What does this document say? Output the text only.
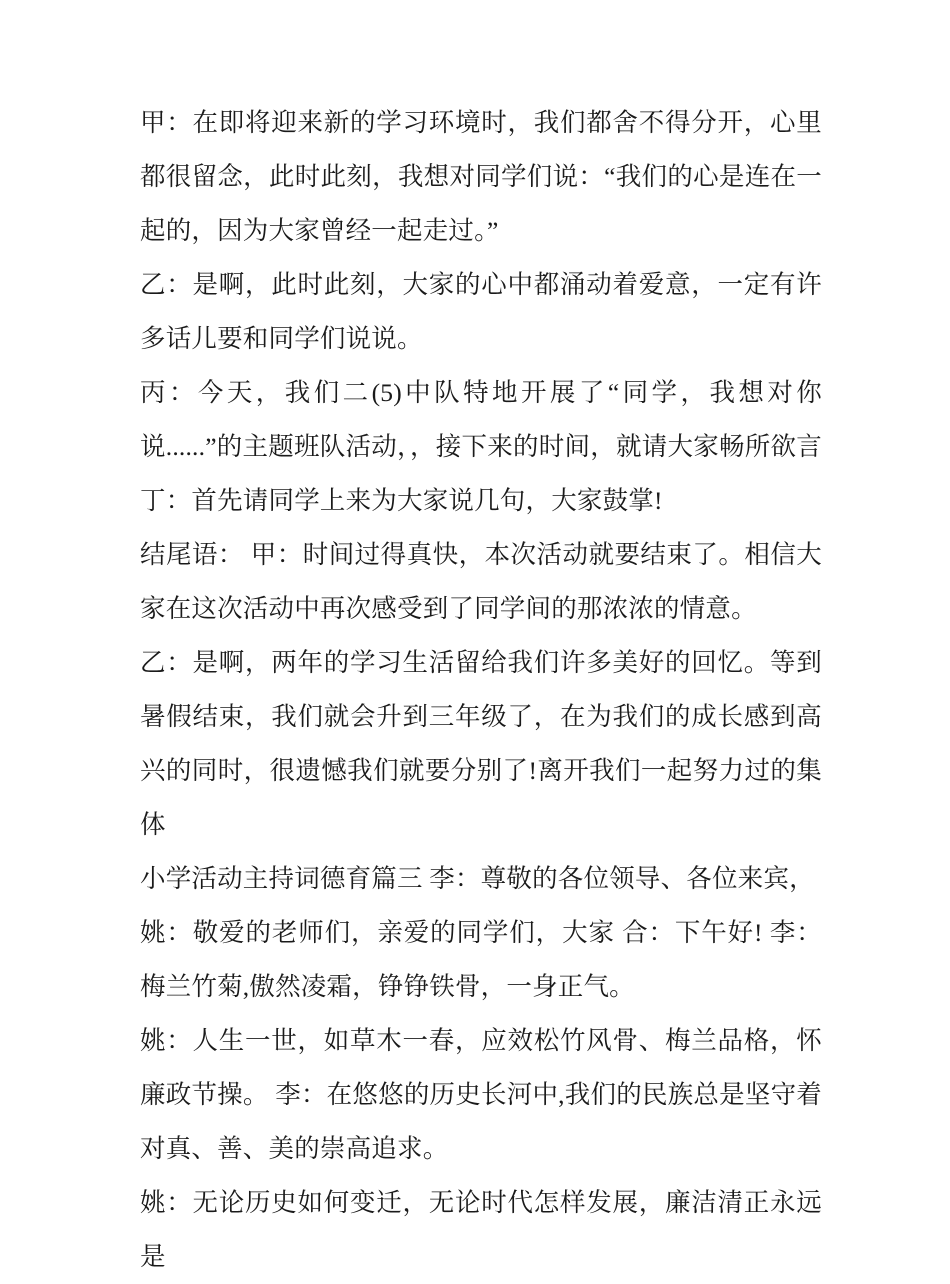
甲：在即将迎来新的学习环境时，我们都舍不得分开，心里都很留念，此时此刻，我想对同学们说：“我们的心是连在一起的，因为大家曾经一起走过。”

乙：是啊，此时此刻，大家的心中都涌动着爱意，一定有许多话儿要和同学们说说。

丙：今天，我们二(5)中队特地开展了“同学，我想对你说......”的主题班队活动，，接下来的时间，就请大家畅所欲言 丁：首先请同学上来为大家说几句，大家鼓掌!

结尾语： 甲：时间过得真快，本次活动就要结束了。相信大家在这次活动中再次感受到了同学间的那浓浓的情意。

乙：是啊，两年的学习生活留给我们许多美好的回忆。等到暑假结束，我们就会升到三年级了，在为我们的成长感到高兴的同时，很遗憾我们就要分别了!离开我们一起努力过的集体

小学活动主持词德育篇三 李：尊敬的各位领导、各位来宾，

姚：敬爱的老师们，亲爱的同学们，大家 合：下午好! 李：梅兰竹菊,傲然凌霜，铮铮铁骨，一身正气。

姚：人生一世，如草木一春，应效松竹风骨、梅兰品格，怀廉政节操。 李：在悠悠的历史长河中,我们的民族总是坚守着对真、善、美的崇高追求。

姚：无论历史如何变迁，无论时代怎样发展，廉洁清正永远是
